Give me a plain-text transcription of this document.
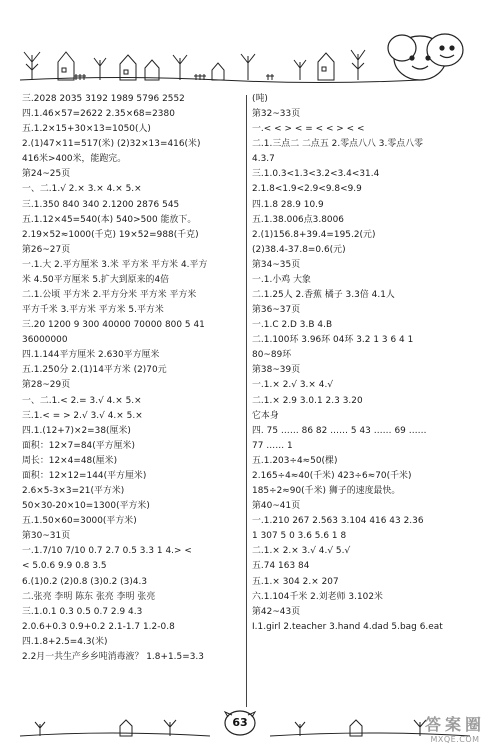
三.2028 2035 3192 1989 5796 2552
四.1.46×57=2622 2.35×68=2380
五.1.2×15+30×13=1050(人)
2.(1)47×11=517(米) (2)32×13=416(米)
416米>400米，能跑完。
第24~25页
一、二.1.√ 2.× 3.× 4.× 5.×
三.1.350 840 340 2.1200 2876 545
五.1.12×45=540(本) 540>500 能放下。
2.19×52≈1000(千克) 19×52=988(千克)
第26~27页
一.1.大 2.平方厘米 3.米 平方米 平方米 4.平方
米 4.50平方厘米 5.扩大到原来的4倍
二.1.公顷 平方米 2.平方分米 平方米 平方米
平方千米 3.平方米 平方米 5.平方米
三.20 1200 9 300 40000 70000 800 5 41
36000000
四.1.144平方厘米 2.630平方厘米
五.1.250分 2.(1)14平方米 (2)70元
第28~29页
一、二.1.< 2.= 3.√ 4.× 5.×
三.1.< = > 2.√ 3.√ 4.× 5.×
四.1.(12+7)×2=38(厘米)
面积：12×7=84(平方厘米)
周长：12×4=48(厘米)
面积：12×12=144(平方厘米)
2.6×5-3×3=21(平方米)
50×30-20×10=1300(平方米)
五.1.50×60=3000(平方米)
第30~31页
一.1.7/10 7/10 0.7 2.7 0.5 3.3 1 4.> <
< 5.0.6 9.9 0.8 3.5
6.(1)0.2 (2)0.8 (3)0.2 (3)4.3
二.张亮 李明 陈东 张亮 李明 张亮
三.1.0.1 0.3 0.5 0.7 2.9 4.3
2.0.6+0.3 0.9+0.2 2.1-1.7 1.2-0.8
四.1.8+2.5=4.3(米)
2.2月一共生产乡乡吨消毒液？ 1.8+1.5=3.3
(吨)
第32~33页
一.< < > < = < < > < <
二.1.三点二 二点五 2.零点八八 3.零点八零
4.3.7
三.1.0.3<1.3<3.2<3.4<31.4
2.1.8<1.9<2.9<9.8<9.9
四.1.8 28.9 10.9
五.1.38.006点3.8006
2.(1)156.8+39.4=195.2(元)
(2)38.4-37.8=0.6(元)
第34~35页
一.1.小鸡 大象
二.1.25人 2.香蕉 橘子 3.3倍 4.1人
第36~37页
一.1.C 2.D 3.B 4.B
二.1.100环 3.96环 04环 3.2 1 3 6 4 1
80~89环
第38~39页
一.1.× 2.√ 3.× 4.√
二.1.× 2.9 3.0.1 2.3 3.20
它本身
四. 75 …… 86 82 …… 5 43 …… 69 ……
77 …… 1
五.1.203÷4≈50(棵)
2.165÷4≈40(千米) 423÷6≈70(千米)
185÷2≈90(千米) 狮子的速度最快。
第40~41页
一.1.210 267 2.563 3.104 416 43 2.36
1 307 5 0 3.6 5.6 1 8
二.1.× 2.× 3.√ 4.√ 5.√
五.74 163 84
五.1.× 304 2.× 207
六.1.104千米 2.刘老师 3.102米
第42~43页
Ⅰ.1.girl 2.teacher 3.hand 4.dad 5.bag 6.eat
63	答案圈
MXQE.COM
